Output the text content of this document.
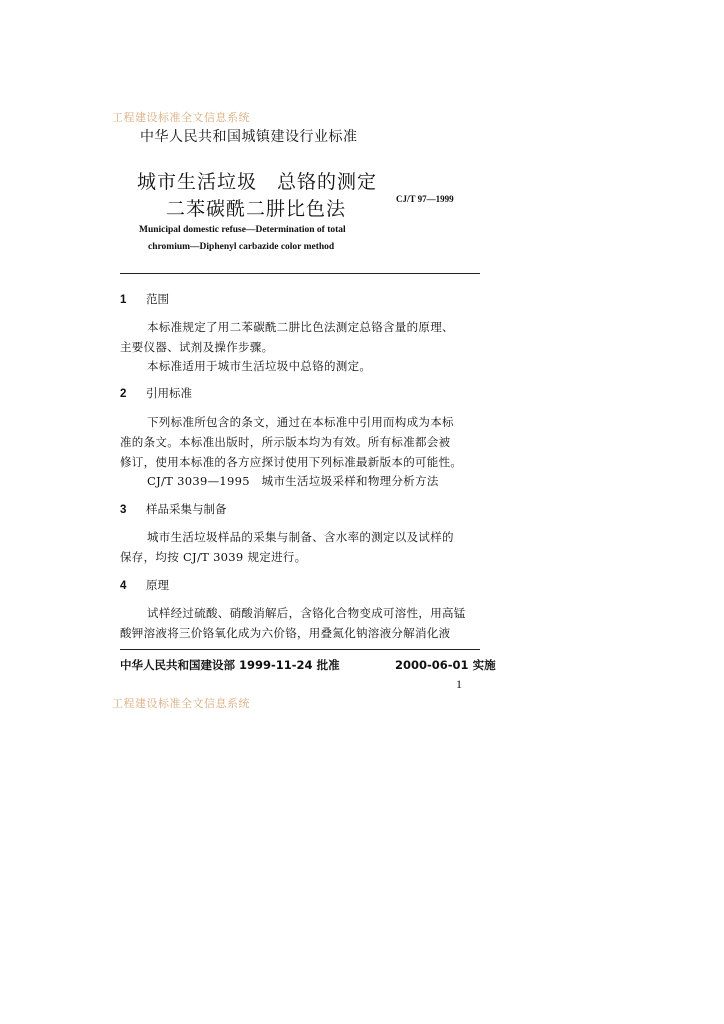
工程建设标准全文信息系统
中华人民共和国城镇建设行业标准
城市生活垃圾　总铬的测定
二苯碳酰二肼比色法	CJ/T 97—1999
Municipal domestic refuse—Determination of total
chromium—Diphenyl carbazide color method
1 范围
本标准规定了用二苯碳酰二肼比色法测定总铬含量的原理、
主要仪器、试剂及操作步骤。
本标准适用于城市生活垃圾中总铬的测定。
2 引用标准
下列标准所包含的条文，通过在本标准中引用而构成为本标
准的条文。本标准出版时，所示版本均为有效。所有标准都会被
修订，使用本标准的各方应探讨使用下列标准最新版本的可能性。
CJ/T 3039—1995　城市生活垃圾采样和物理分析方法
3 样品采集与制备
城市生活垃圾样品的采集与制备、含水率的测定以及试样的
保存，均按 CJ/T 3039 规定进行。
4 原理
试样经过硫酸、硝酸消解后，含铬化合物变成可溶性，用高锰
酸钾溶液将三价铬氧化成为六价铬，用叠氮化钠溶液分解消化液
中华人民共和国建设部 1999-11-24 批准	2000-06-01 实施
1
工程建设标准全文信息系统
